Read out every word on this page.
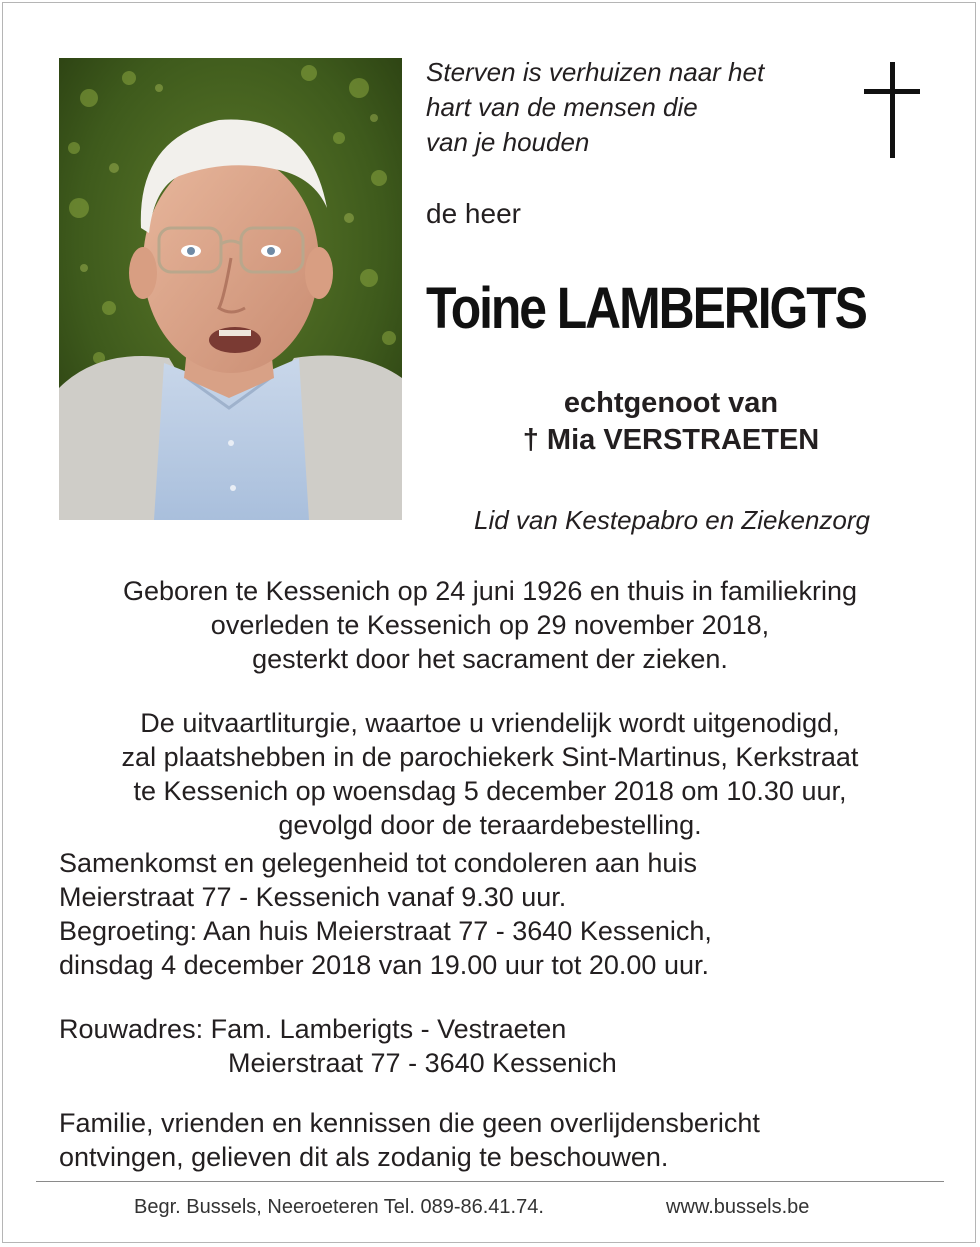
Sterven is verhuizen naar het
hart van de mensen die
van je houden
de heer
Toine LAMBERIGTS
echtgenoot van
† Mia VERSTRAETEN
Lid van Kestepabro en Ziekenzorg
Geboren te Kessenich op 24 juni 1926 en thuis in familiekring
overleden te Kessenich op 29 november 2018,
gesterkt door het sacrament der zieken.
De uitvaartliturgie, waartoe u vriendelijk wordt uitgenodigd,
zal plaatshebben in de parochiekerk Sint-Martinus, Kerkstraat
te Kessenich op woensdag 5 december 2018 om 10.30 uur,
gevolgd door de teraardebestelling.
Samenkomst en gelegenheid tot condoleren aan huis
Meierstraat 77 - Kessenich vanaf 9.30 uur.
Begroeting: Aan huis Meierstraat 77 - 3640 Kessenich,
dinsdag 4 december 2018 van 19.00 uur tot 20.00 uur.
Rouwadres: Fam. Lamberigts - Vestraeten
Meierstraat 77 - 3640 Kessenich
Familie, vrienden en kennissen die geen overlijdensbericht
ontvingen, gelieven dit als zodanig te beschouwen.
Begr. Bussels, Neeroeteren Tel. 089-86.41.74.	www.bussels.be
